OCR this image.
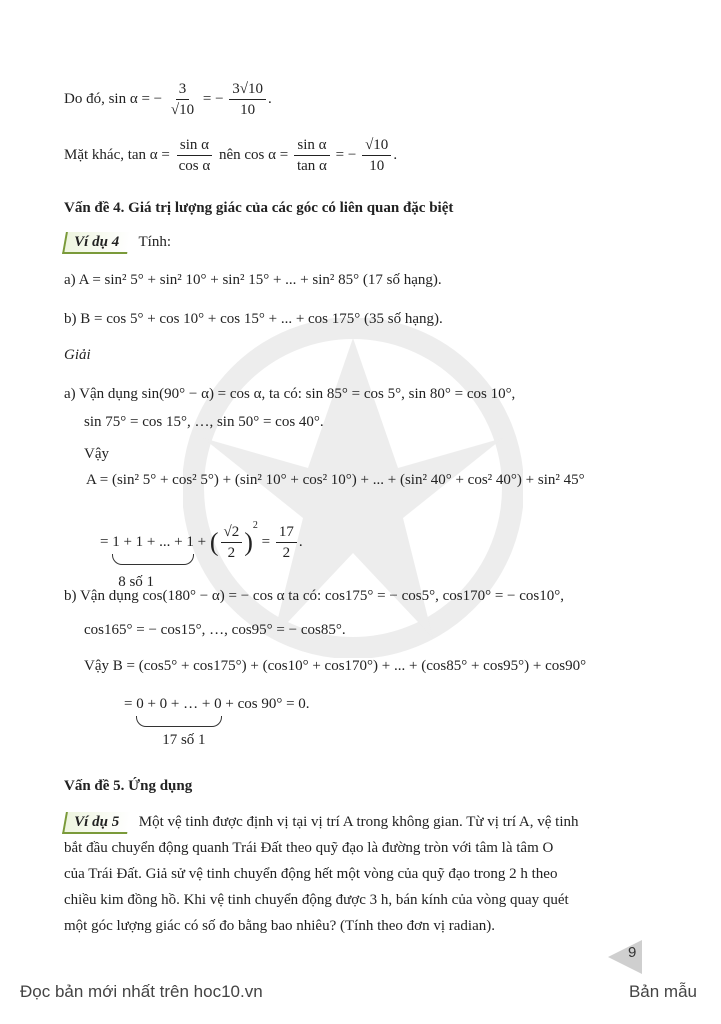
Do đó, sin α = − $\frac{3}{√10}$ = − $\frac{3√10}{10}$ .
Mặt khác, $\tan \alpha = \frac{\text{sin α}}{\text{cos α}}$ nên $\cos \alpha = \frac{\text{sin α}}{\text{tan α}}$ = − $\frac{√10}{10}$ .
Vấn đề 4. Giá trị lượng giác của các góc có liên quan đặc biệt
Ví dụ 4 Tính:
a) A = sin² 5° + sin² 10° + sin² 15° + ... + sin² 85° (17 số hạng).
b) B = cos 5° + cos 10° + cos 15° + ... + cos 175° (35 số hạng).
Giải
a) Vận dụng sin(90° − α) = cos α, ta có: sin 85° = cos 5°, sin 80° = cos 10°,
sin 75° = cos 15°, …, sin 50° = cos 40°.
Vậy
A = (sin² 5° + cos² 5°) + (sin² 10° + cos² 10°) + ... + (sin² 40° + cos² 40°) + sin² 45°
= 1 + 1 + ... + 1
8 số 1
+ ( $\frac{√2}{2} )^2 = \frac{17}{2}$ .
b) Vận dụng cos(180° − α) = − cos α ta có: cos175° = − cos5°, cos170° = − cos10°,
cos165° = − cos15°, …, cos95° = − cos85°.
Vậy B = (cos5° + cos175°) + (cos10° + cos170°) + ... + (cos85° + cos95°) + cos90°
= 0 + 0 + … + 0
17 số 1
+ cos 90° = 0.
Vấn đề 5. Ứng dụng
Ví dụ 5 Một vệ tinh được định vị tại vị trí A trong không gian. Từ vị trí A, vệ tinh
bắt đầu chuyển động quanh Trái Đất theo quỹ đạo là đường tròn với tâm là tâm O
của Trái Đất. Giả sử vệ tinh chuyển động hết một vòng của quỹ đạo trong 2 h theo
chiều kim đồng hồ. Khi vệ tinh chuyển động được 3 h, bán kính của vòng quay quét
một góc lượng giác có số đo bằng bao nhiêu? (Tính theo đơn vị radian).
9
Đọc bản mới nhất trên hoc10.vn	Bản mẫu
